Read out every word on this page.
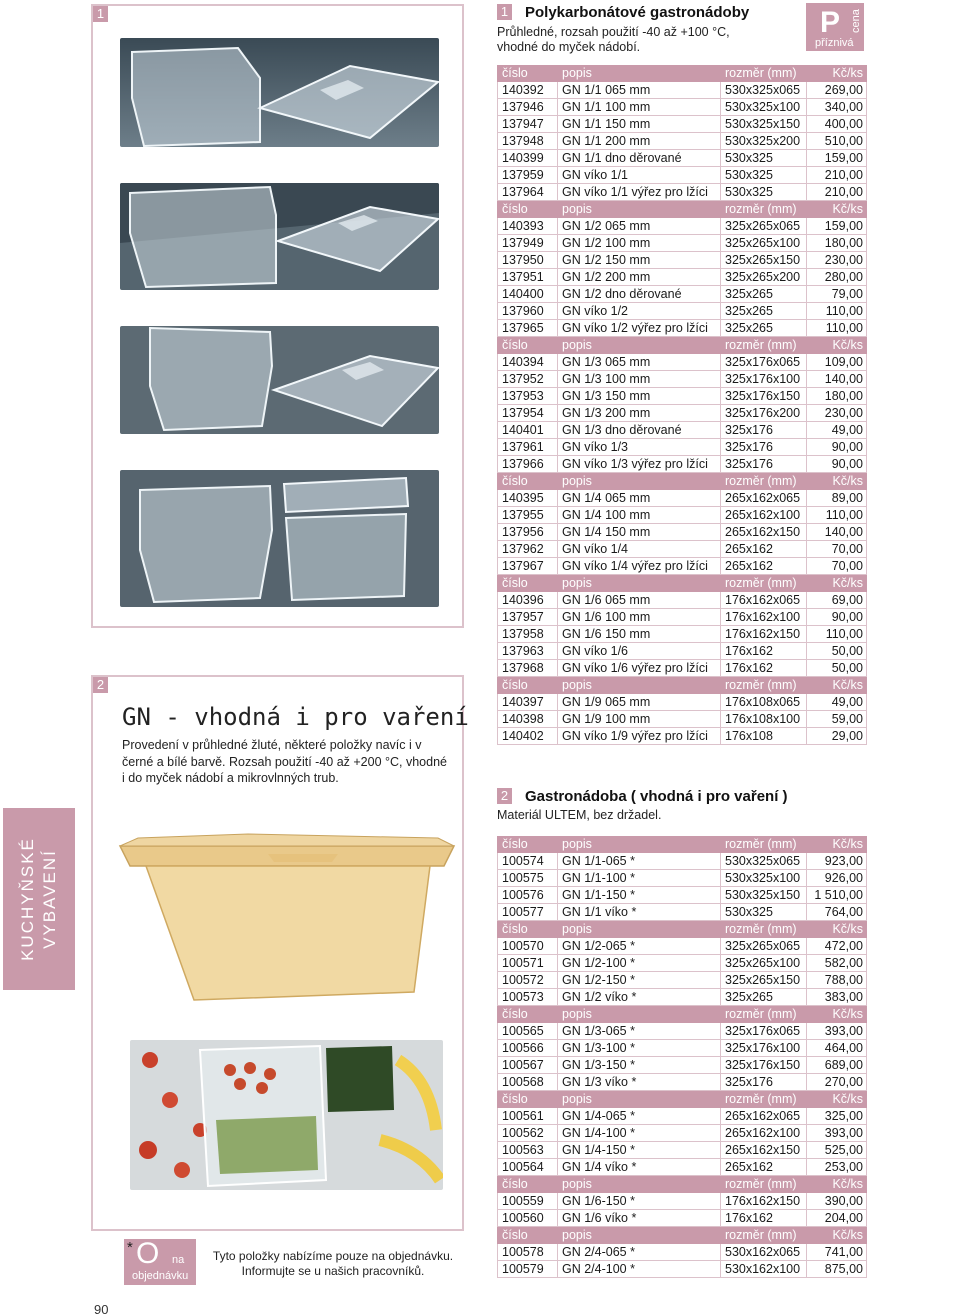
KUCHYŇSKÉ VYBAVENÍ
1
2
GN - vhodná i pro vaření
Provedení v průhledné žluté, některé položky navíc i v černé a bílé barvě. Rozsah použití -40 až +200 °C, vhodné i do myček nádobí a mikrovlnných trub.
* O na
objednávku
Tyto položky nabízíme pouze na objednávku. Informujte se u našich pracovníků.
90
1 Polykarbonátové gastronádoby
Průhledné, rozsah použití -40 až +100 °C, vhodné do myček nádobí.
P cena
příznivá
číslo	popis	rozměr (mm)	Kč/ks
140392	GN 1/1 065 mm	530x325x065	269,00
137946	GN 1/1 100 mm	530x325x100	340,00
137947	GN 1/1 150 mm	530x325x150	400,00
137948	GN 1/1 200 mm	530x325x200	510,00
140399	GN 1/1 dno děrované	530x325	159,00
137959	GN víko 1/1	530x325	210,00
137964	GN víko 1/1 výřez pro lžíci	530x325	210,00
číslo	popis	rozměr (mm)	Kč/ks
140393	GN 1/2 065 mm	325x265x065	159,00
137949	GN 1/2 100 mm	325x265x100	180,00
137950	GN 1/2 150 mm	325x265x150	230,00
137951	GN 1/2 200 mm	325x265x200	280,00
140400	GN 1/2 dno děrované	325x265	79,00
137960	GN víko 1/2	325x265	110,00
137965	GN víko 1/2 výřez pro lžíci	325x265	110,00
číslo	popis	rozměr (mm)	Kč/ks
140394	GN 1/3 065 mm	325x176x065	109,00
137952	GN 1/3 100 mm	325x176x100	140,00
137953	GN 1/3 150 mm	325x176x150	180,00
137954	GN 1/3 200 mm	325x176x200	230,00
140401	GN 1/3 dno děrované	325x176	49,00
137961	GN víko 1/3	325x176	90,00
137966	GN víko 1/3 výřez pro lžíci	325x176	90,00
číslo	popis	rozměr (mm)	Kč/ks
140395	GN 1/4 065 mm	265x162x065	89,00
137955	GN 1/4 100 mm	265x162x100	110,00
137956	GN 1/4 150 mm	265x162x150	140,00
137962	GN víko 1/4	265x162	70,00
137967	GN víko 1/4 výřez pro lžíci	265x162	70,00
číslo	popis	rozměr (mm)	Kč/ks
140396	GN 1/6 065 mm	176x162x065	69,00
137957	GN 1/6 100 mm	176x162x100	90,00
137958	GN 1/6 150 mm	176x162x150	110,00
137963	GN víko 1/6	176x162	50,00
137968	GN víko 1/6 výřez pro lžíci	176x162	50,00
číslo	popis	rozměr (mm)	Kč/ks
140397	GN 1/9 065 mm	176x108x065	49,00
140398	GN 1/9 100 mm	176x108x100	59,00
140402	GN víko 1/9 výřez pro lžíci	176x108	29,00
2 Gastronádoba ( vhodná i pro vaření )
Materiál ULTEM, bez držadel.
číslo	popis	rozměr (mm)	Kč/ks
100574	GN 1/1-065 *	530x325x065	923,00
100575	GN 1/1-100 *	530x325x100	926,00
100576	GN 1/1-150 *	530x325x150	1 510,00
100577	GN 1/1 víko *	530x325	764,00
číslo	popis	rozměr (mm)	Kč/ks
100570	GN 1/2-065 *	325x265x065	472,00
100571	GN 1/2-100 *	325x265x100	582,00
100572	GN 1/2-150 *	325x265x150	788,00
100573	GN 1/2 víko *	325x265	383,00
číslo	popis	rozměr (mm)	Kč/ks
100565	GN 1/3-065 *	325x176x065	393,00
100566	GN 1/3-100 *	325x176x100	464,00
100567	GN 1/3-150 *	325x176x150	689,00
100568	GN 1/3 víko *	325x176	270,00
číslo	popis	rozměr (mm)	Kč/ks
100561	GN 1/4-065 *	265x162x065	325,00
100562	GN 1/4-100 *	265x162x100	393,00
100563	GN 1/4-150 *	265x162x150	525,00
100564	GN 1/4 víko *	265x162	253,00
číslo	popis	rozměr (mm)	Kč/ks
100559	GN 1/6-150 *	176x162x150	390,00
100560	GN 1/6 víko *	176x162	204,00
číslo	popis	rozměr (mm)	Kč/ks
100578	GN 2/4-065 *	530x162x065	741,00
100579	GN 2/4-100 *	530x162x100	875,00
